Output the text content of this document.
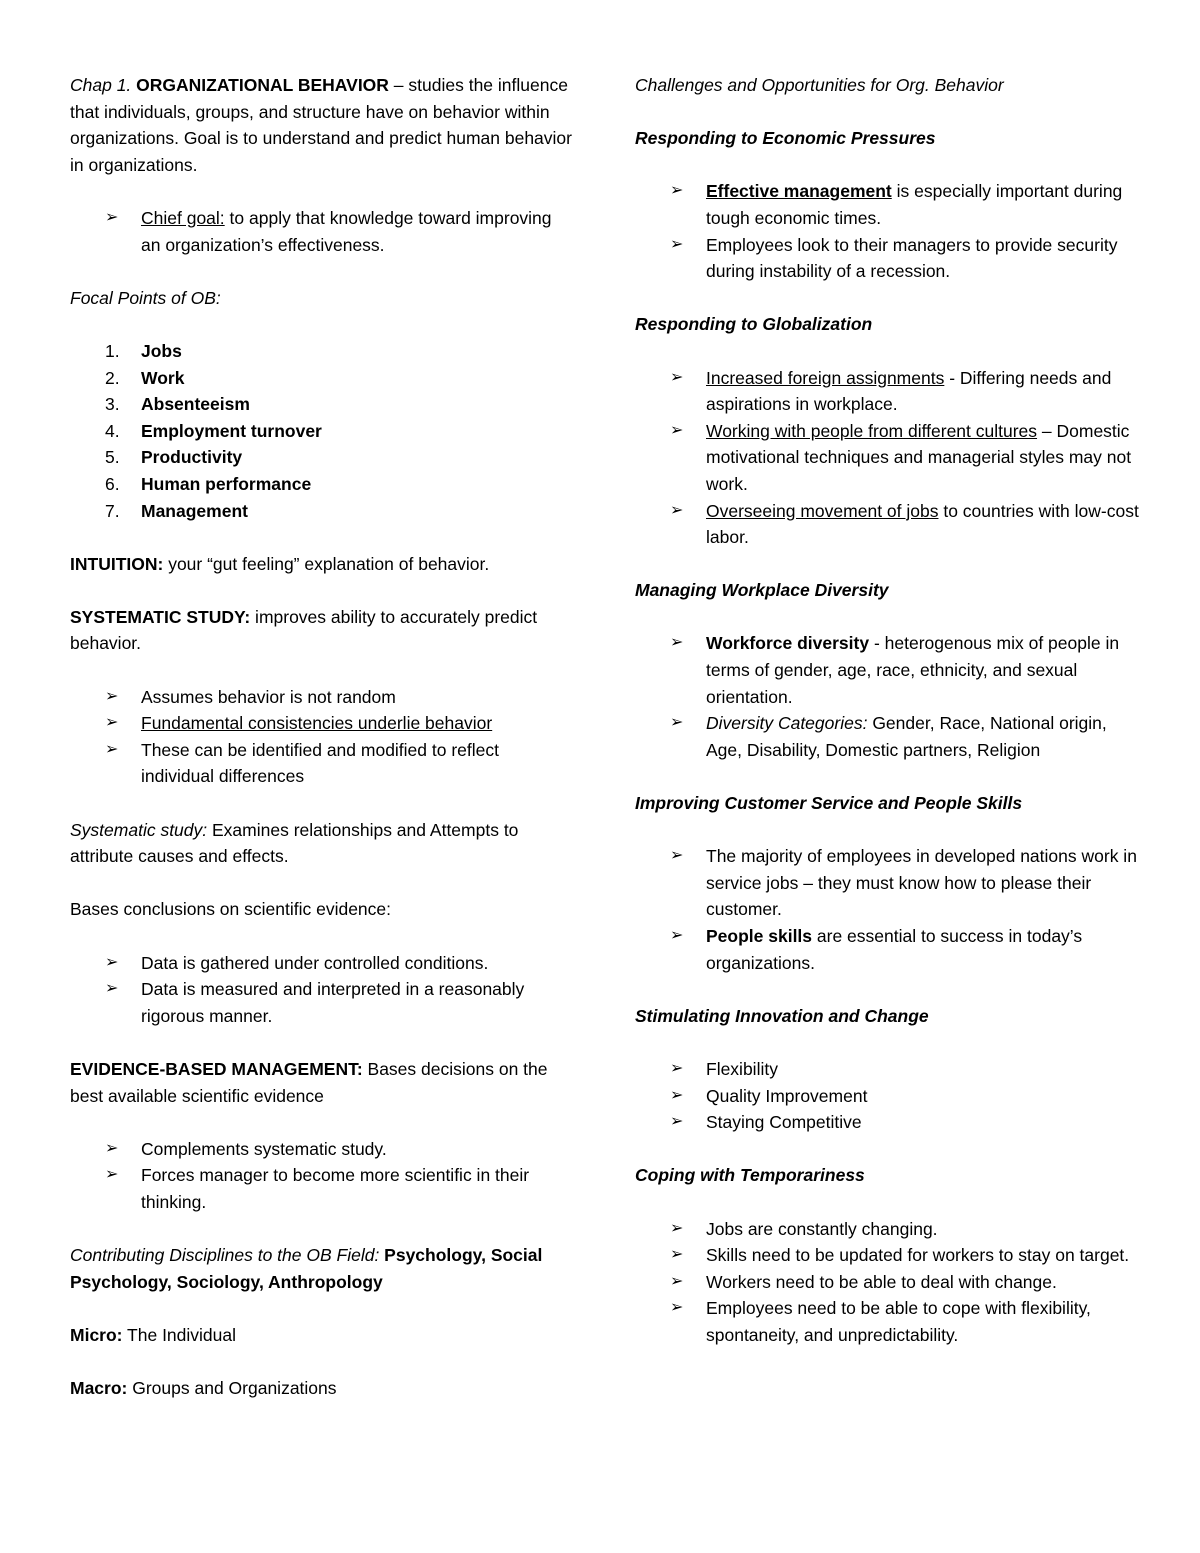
Chap 1. ORGANIZATIONAL BEHAVIOR – studies the influence that individuals, groups, and structure have on behavior within organizations. Goal is to understand and predict human behavior in organizations.

➢ Chief goal: to apply that knowledge toward improving an organization’s effectiveness.

Focal Points of OB:

1. Jobs
2. Work
3. Absenteeism
4. Employment turnover
5. Productivity
6. Human performance
7. Management

INTUITION: your “gut feeling” explanation of behavior.

SYSTEMATIC STUDY: improves ability to accurately predict behavior.

➢ Assumes behavior is not random
➢ Fundamental consistencies underlie behavior
➢ These can be identified and modified to reflect individual differences

Systematic study: Examines relationships and Attempts to attribute causes and effects.

Bases conclusions on scientific evidence:

➢ Data is gathered under controlled conditions.
➢ Data is measured and interpreted in a reasonably rigorous manner.

EVIDENCE-BASED MANAGEMENT: Bases decisions on the best available scientific evidence

➢ Complements systematic study.
➢ Forces manager to become more scientific in their thinking.

Contributing Disciplines to the OB Field: Psychology, Social Psychology, Sociology, Anthropology

Micro: The Individual

Macro: Groups and Organizations

Challenges and Opportunities for Org. Behavior

Responding to Economic Pressures

➢ Effective management is especially important during tough economic times.
➢ Employees look to their managers to provide security during instability of a recession.

Responding to Globalization

➢ Increased foreign assignments - Differing needs and aspirations in workplace.
➢ Working with people from different cultures – Domestic motivational techniques and managerial styles may not work.
➢ Overseeing movement of jobs to countries with low-cost labor.

Managing Workplace Diversity

➢ Workforce diversity - heterogenous mix of people in terms of gender, age, race, ethnicity, and sexual orientation.
➢ Diversity Categories: Gender, Race, National origin, Age, Disability, Domestic partners, Religion

Improving Customer Service and People Skills

➢ The majority of employees in developed nations work in service jobs – they must know how to please their customer.
➢ People skills are essential to success in today’s organizations.

Stimulating Innovation and Change

➢ Flexibility
➢ Quality Improvement
➢ Staying Competitive

Coping with Temporariness

➢ Jobs are constantly changing.
➢ Skills need to be updated for workers to stay on target.
➢ Workers need to be able to deal with change.
➢ Employees need to be able to cope with flexibility, spontaneity, and unpredictability.
